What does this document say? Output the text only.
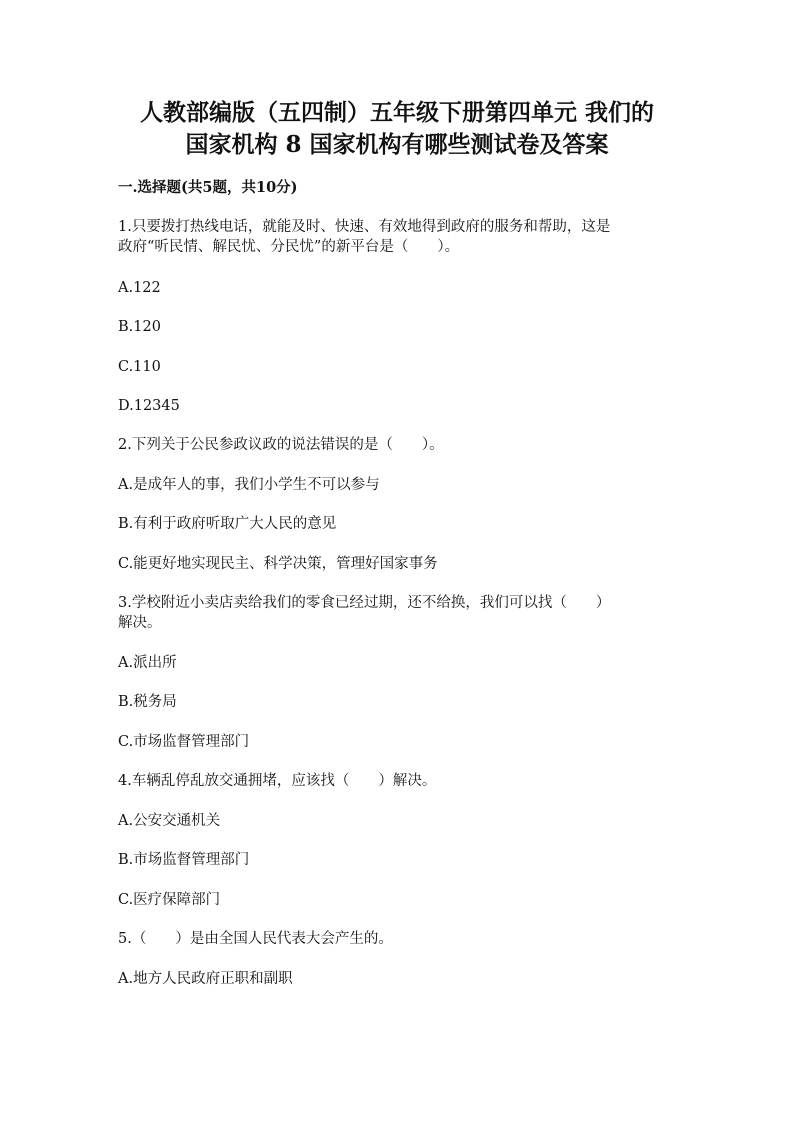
人教部编版（五四制）五年级下册第四单元 我们的
国家机构 8 国家机构有哪些测试卷及答案
一.选择题(共5题，共10分)
1.只要拨打热线电话，就能及时、快速、有效地得到政府的服务和帮助，这是
政府“听民情、解民忧、分民忧”的新平台是（　　）。
A.122
B.120
C.110
D.12345
2.下列关于公民参政议政的说法错误的是（　　）。
A.是成年人的事，我们小学生不可以参与
B.有利于政府听取广大人民的意见
C.能更好地实现民主、科学决策，管理好国家事务
3.学校附近小卖店卖给我们的零食已经过期，还不给换，我们可以找（　　）
解决。
A.派出所
B.税务局
C.市场监督管理部门
4.车辆乱停乱放交通拥堵，应该找（　　）解决。
A.公安交通机关
B.市场监督管理部门
C.医疗保障部门
5.（　　）是由全国人民代表大会产生的。
A.地方人民政府正职和副职
